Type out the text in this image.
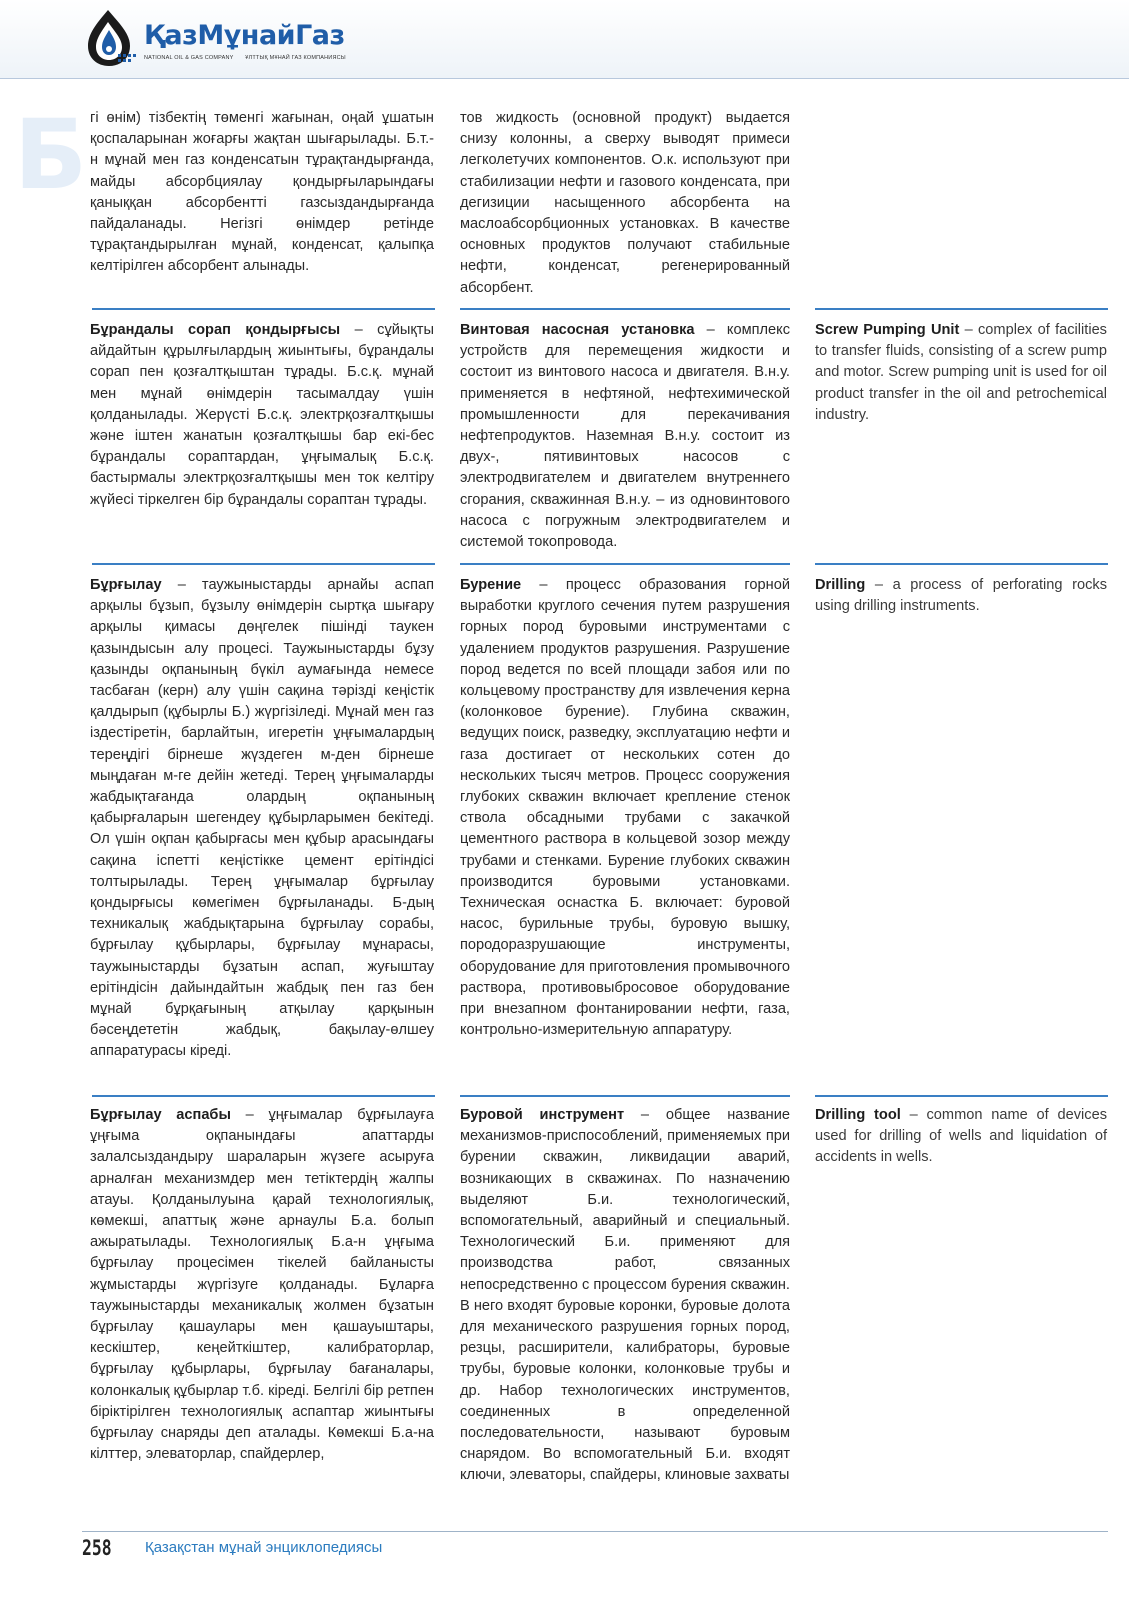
ҚазМұнайГаз
NATIONAL OIL & GAS COMPANY ҰЛТТЫҚ МҰНАЙ ГАЗ КОМПАНИЯСЫ
Б гі өнім) тізбектің төменгі жағынан, оңай ұшатын қоспаларынан жоғарғы жақтан шығарылады. Б.т.-н мұнай мен газ конденсатын тұрақтандырғанда, майды абсорбциялау қондырғыларындағы қаныққан абсорбентті газсыздандырғанда пайдаланады. Негізгі өнімдер ретінде тұрақтандырылған мұнай, конденсат, қалыпқа келтірілген абсорбент алынады.
тов жидкость (основной продукт) выдается снизу колонны, а сверху выводят примеси легколетучих компонентов. О.к. используют при стабилизации нефти и газового конденсата, при дегизиции насыщенного абсорбента на маслоабсорбционных установках. В качестве основных продуктов получают стабильные нефти, конденсат, регенерированный абсорбент.
Бұрандалы сорап қондырғысы – сұйықты айдайтын құрылғылардың жиынтығы, бұрандалы сорап пен қозғалтқыштан тұрады. Б.с.қ. мұнай мен мұнай өнімдерін тасымалдау үшін қолданылады. Жерүсті Б.с.қ. электрқозғалтқышы және іштен жанатын қозғалтқышы бар екі-бес бұрандалы сораптардан, ұңғымалық Б.с.қ. бастырмалы электрқозғалтқышы мен ток келтіру жүйесі тіркелген бір бұрандалы сораптан тұрады.
Винтовая насосная установка – комплекс устройств для перемещения жидкости и состоит из винтового насоса и двигателя. В.н.у. применяется в нефтяной, нефтехимической промышленности для перекачивания нефтепродуктов. Наземная В.н.у. состоит из двух-, пятивинтовых насосов с электродвигателем и двигателем внутреннего сгорания, скважинная В.н.у. – из одновинтового насоса с погружным электродвигателем и системой токопровода.
Screw Pumping Unit – complex of facilities to transfer fluids, consisting of a screw pump and motor. Screw pumping unit is used for oil product transfer in the oil and petrochemical industry.
Бұрғылау – таужыныстарды арнайы аспап арқылы бұзып, бұзылу өнімдерін сыртқа шығару арқылы қимасы дөңгелек пішінді таукен қазындысын алу процесі. Таужыныстарды бұзу қазынды оқпанының бүкіл аумағында немесе тасбаған (керн) алу үшін сақина тәрізді кеңістік қалдырып (құбырлы Б.) жүргізіледі. Мұнай мен газ іздестіретін, барлайтын, игеретін ұңғымалардың тереңдігі бірнеше жүздеген м-ден бірнеше мыңдаған м-ге дейін жетеді. Терең ұңғымаларды жабдықтағанда олардың оқпанының қабырғаларын шегендеу құбырларымен бекітеді. Ол үшін оқпан қабырғасы мен құбыр арасындағы сақина іспетті кеңістікке цемент ерітіндісі толтырылады. Терең ұңғымалар бұрғылау қондырғысы көмегімен бұрғыланады. Б-дың техникалық жабдықтарына бұрғылау сорабы, бұрғылау құбырлары, бұрғылау мұнарасы, таужыныстарды бұзатын аспап, жуғыштау ерітіндісін дайындайтын жабдық пен газ бен мұнай бұрқағының атқылау қарқынын бәсеңдететін жабдық, бақылау-өлшеу аппаратурасы кіреді.
Бурение – процесс образования горной выработки круглого сечения путем разрушения горных пород буровыми инструментами с удалением продуктов разрушения. Разрушение пород ведется по всей площади забоя или по кольцевому пространству для извлечения керна (колонковое бурение). Глубина скважин, ведущих поиск, разведку, эксплуатацию нефти и газа достигает от нескольких сотен до нескольких тысяч метров. Процесс сооружения глубоких скважин включает крепление стенок ствола обсадными трубами с закачкой цементного раствора в кольцевой зозор между трубами и стенками. Бурение глубоких скважин производится буровыми установками. Техническая оснастка Б. включает: буровой насос, бурильные трубы, буровую вышку, породоразрушающие инструменты, оборудование для приготовления промывочного раствора, противовыбросовое оборудование при внезапном фонтанировании нефти, газа, контрольно-измерительную аппаратуру.
Drilling – a process of perforating rocks using drilling instruments.
Бұрғылау аспабы – ұңғымалар бұрғылауға ұңғыма оқпанындағы апаттарды залалсыздандыру шараларын жүзеге асыруға арналған механизмдер мен тетіктердің жалпы атауы. Қолданылуына қарай технологиялық, көмекші, апаттық және арнаулы Б.а. болып ажыратылады. Технологиялық Б.а-н ұңғыма бұрғылау процесімен тікелей байланысты жұмыстарды жүргізуге қолданады. Бұларға таужыныстарды механикалық жолмен бұзатын бұрғылау қашаулары мен қашауыштары, кескіштер, кеңейткіштер, калибраторлар, бұрғылау құбырлары, бұрғылау бағаналары, колонкалық құбырлар т.б. кіреді. Белгілі бір ретпен біріктірілген технологиялық аспаптар жиынтығы бұрғылау снаряды деп аталады. Көмекші Б.а-на кілттер, элеваторлар, спайдерлер,
Буровой инструмент – общее название механизмов-приспособлений, применяемых при бурении скважин, ликвидации аварий, возникающих в скважинах. По назначению выделяют Б.и. технологический, вспомогательный, аварийный и специальный. Технологический Б.и. применяют для производства работ, связанных непосредственно с процессом бурения скважин. В него входят буровые коронки, буровые долота для механического разрушения горных пород, резцы, расширители, калибраторы, буровые трубы, буровые колонки, колонковые трубы и др. Набор технологических инструментов, соединенных в определенной последовательности, называют буровым снарядом. Во вспомогательный Б.и. входят ключи, элеваторы, спайдеры, клиновые захваты
Drilling tool – common name of devices used for drilling of wells and liquidation of accidents in wells.
258 Қазақстан мұнай энциклопедиясы
